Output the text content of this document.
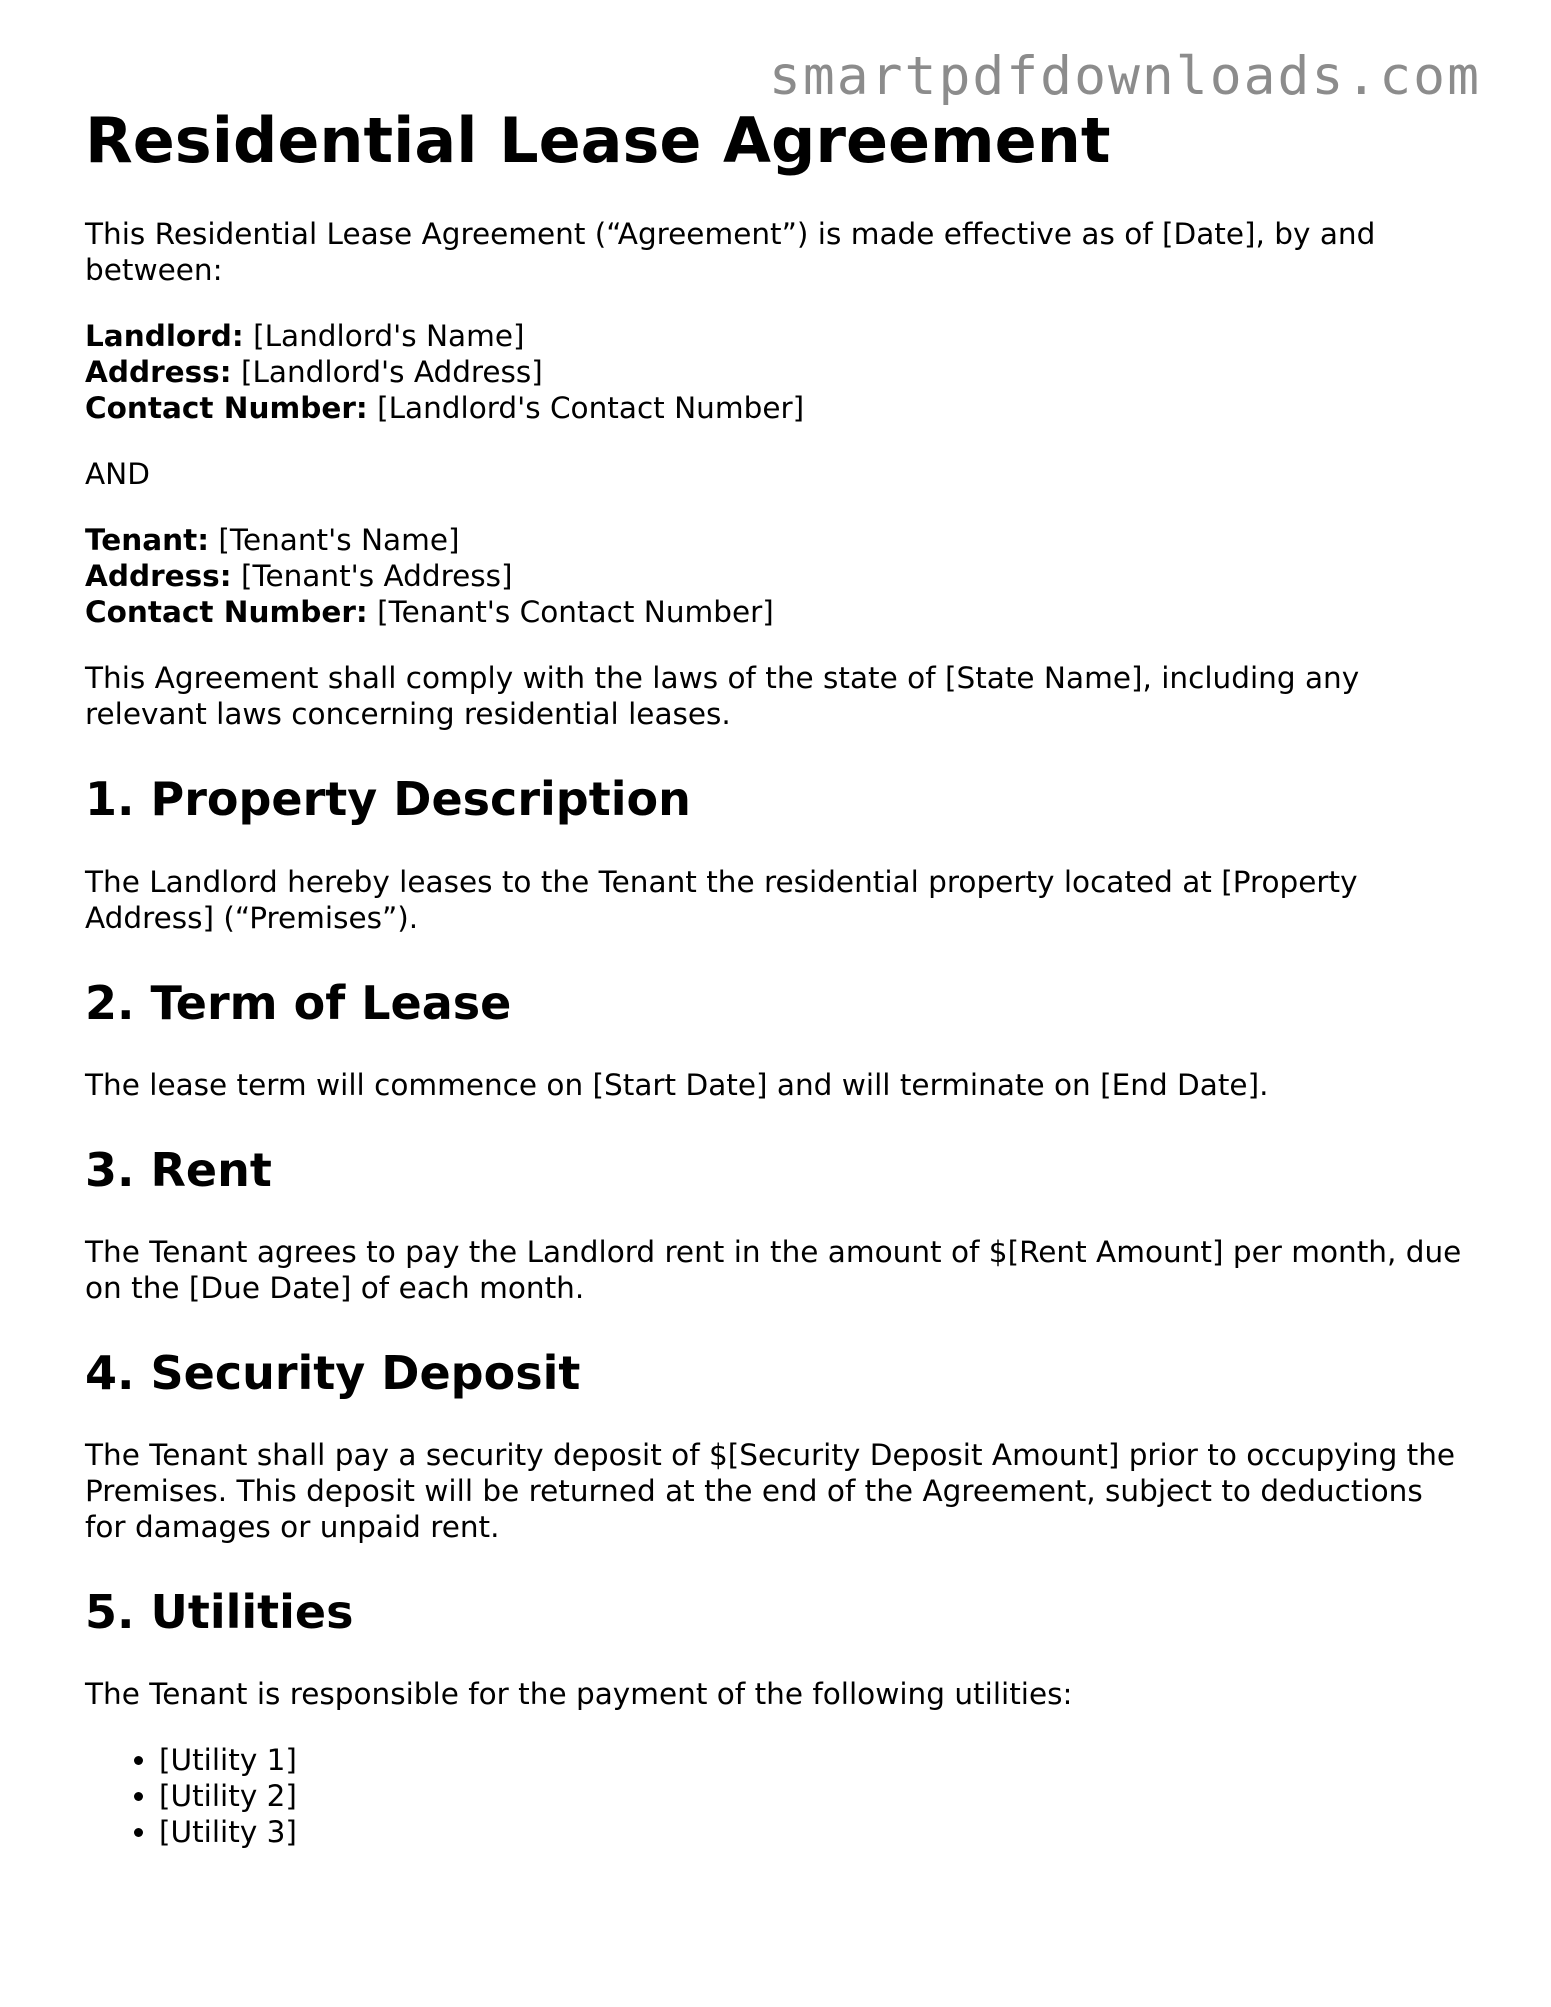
smartpdfdownloads.com
Residential Lease Agreement

This Residential Lease Agreement (“Agreement”) is made effective as of [Date], by and between:

Landlord: [Landlord's Name]

Address: [Landlord's Address]

Contact Number: [Landlord's Contact Number]

AND

Tenant: [Tenant's Name]

Address: [Tenant's Address]

Contact Number: [Tenant's Contact Number]

This Agreement shall comply with the laws of the state of [State Name], including any relevant laws concerning residential leases.

1. Property Description

The Landlord hereby leases to the Tenant the residential property located at [Property Address] (“Premises”).

2. Term of Lease

The lease term will commence on [Start Date] and will terminate on [End Date].

3. Rent

The Tenant agrees to pay the Landlord rent in the amount of $[Rent Amount] per month, due on the [Due Date] of each month.

4. Security Deposit

The Tenant shall pay a security deposit of $[Security Deposit Amount] prior to occupying the Premises. This deposit will be returned at the end of the Agreement, subject to deductions for damages or unpaid rent.

5. Utilities

The Tenant is responsible for the payment of the following utilities:

• [Utility 1]
• [Utility 2]
• [Utility 3]
